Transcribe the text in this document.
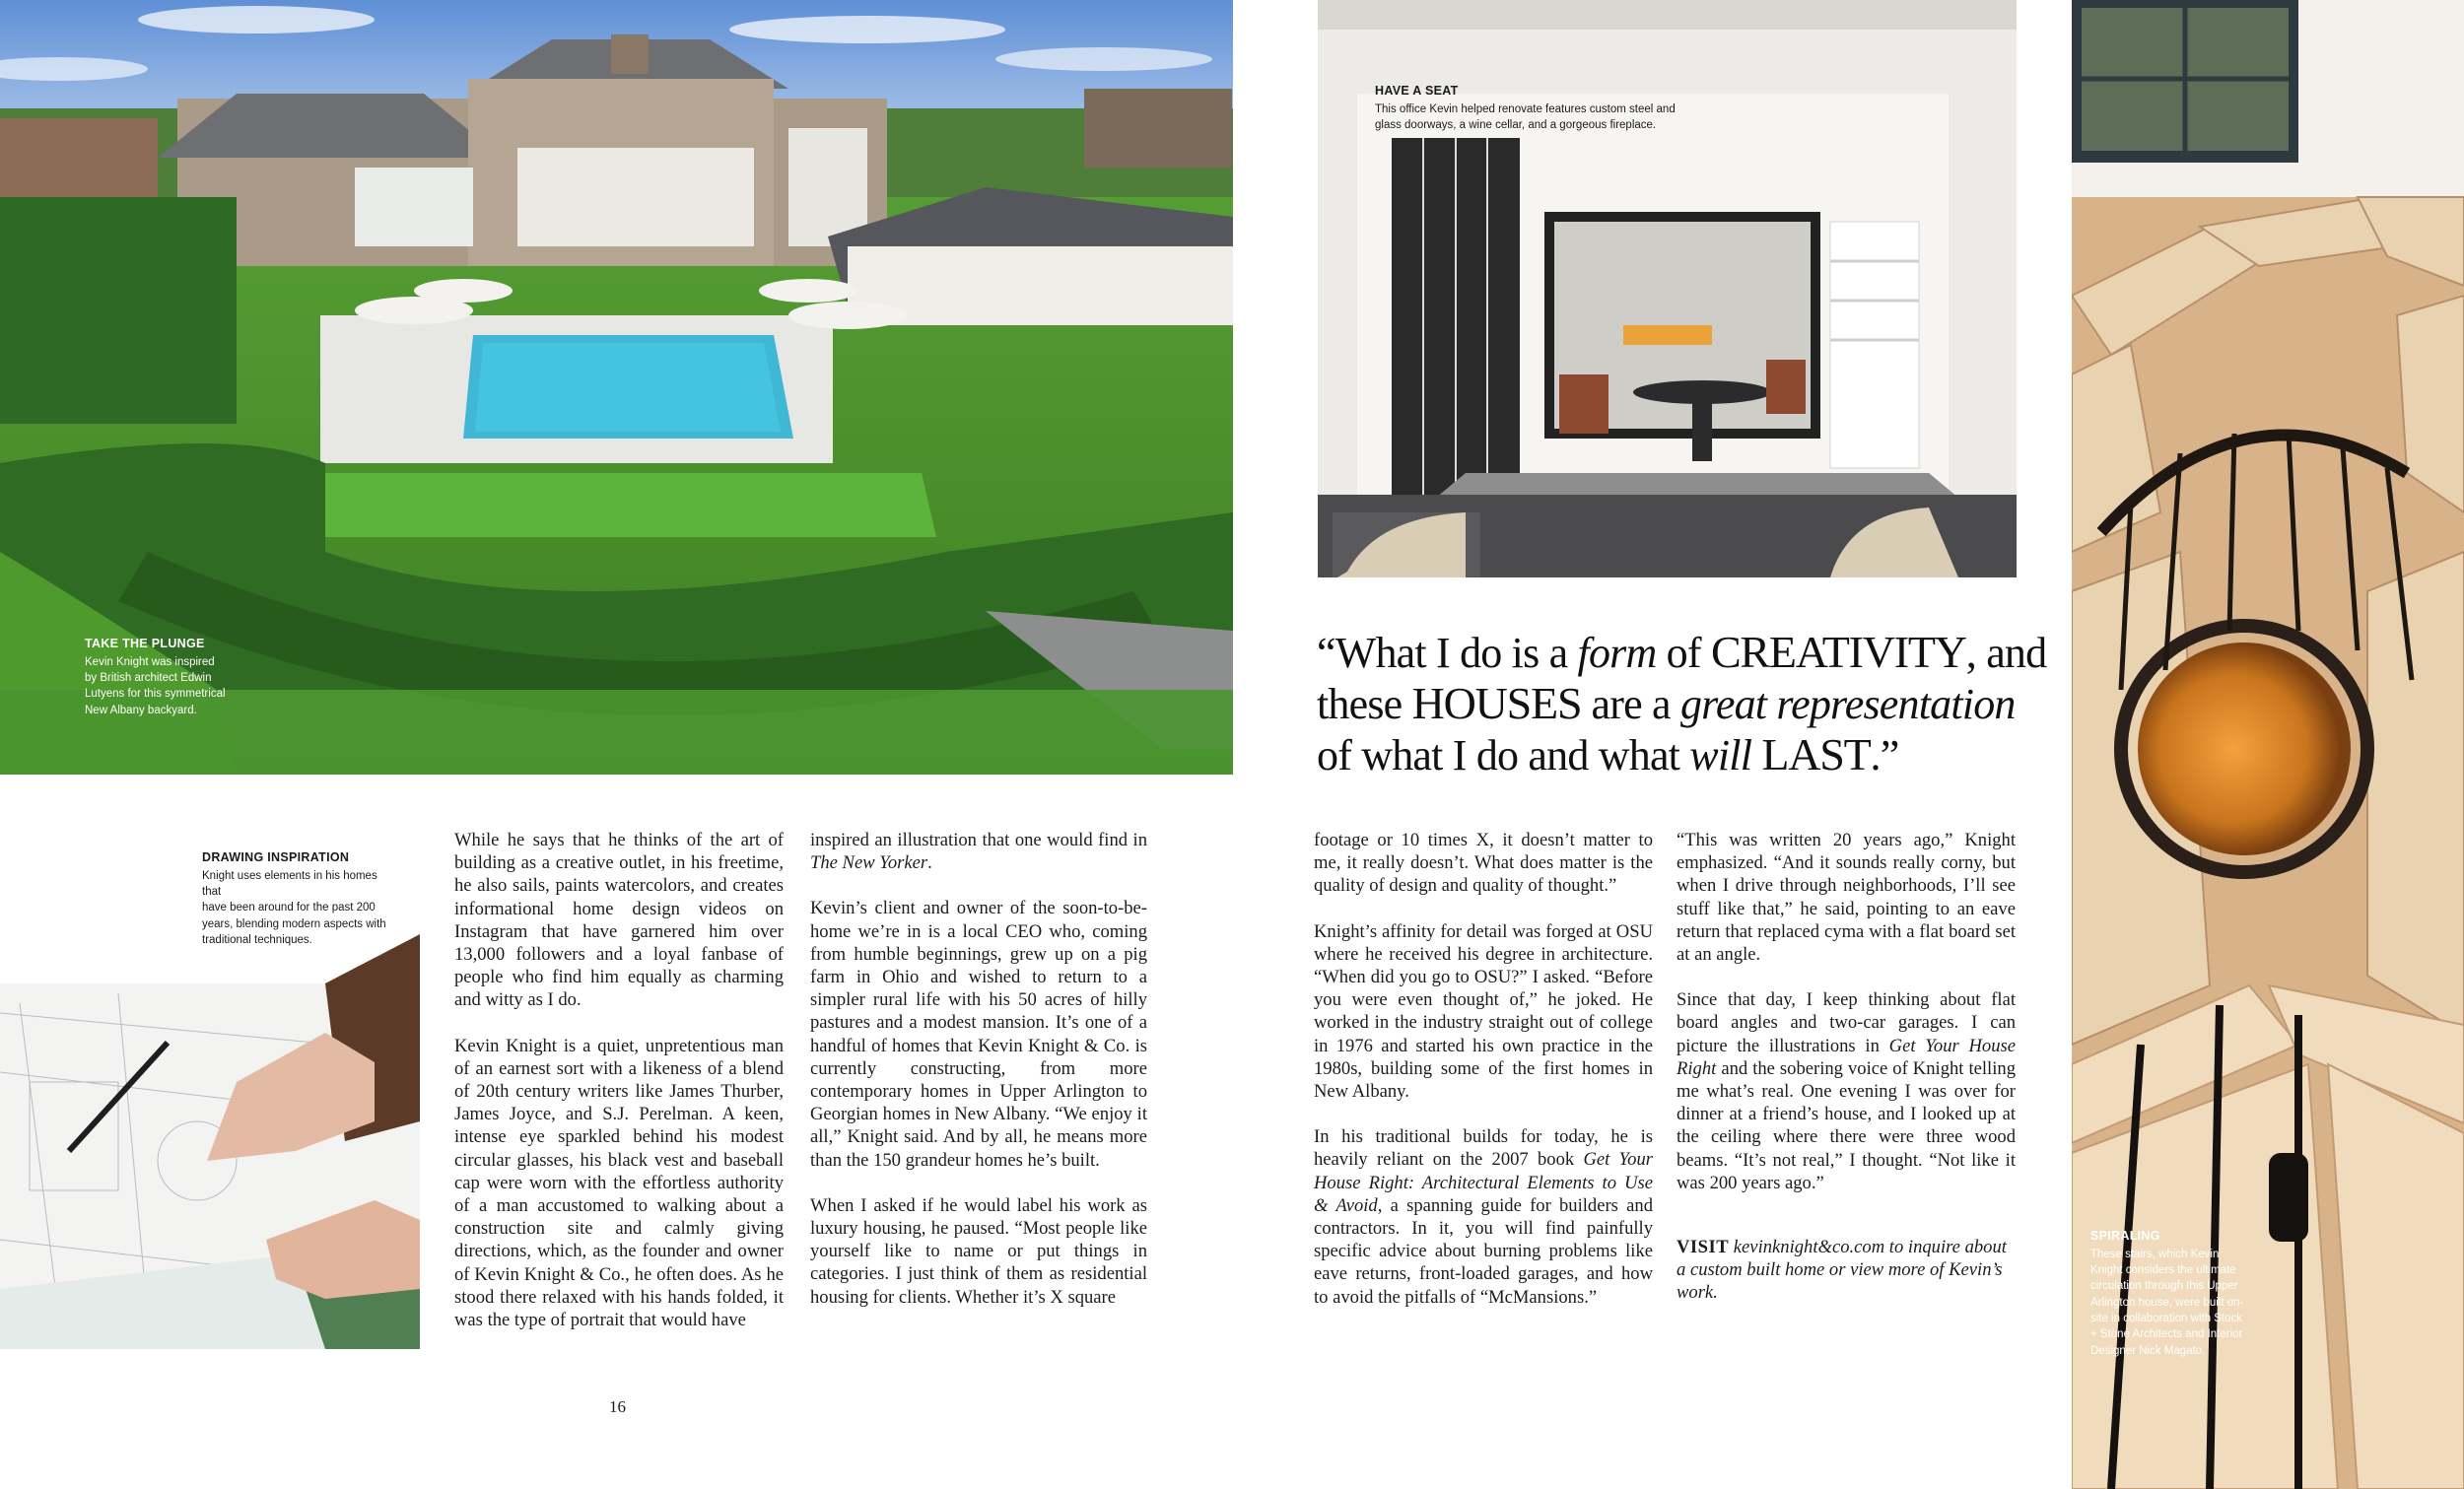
TAKE THE PLUNGE
Kevin Knight was inspired
by British architect Edwin
Lutyens for this symmetrical
New Albany backyard.
DRAWING INSPIRATION
Knight uses elements in his homes that
have been around for the past 200
years, blending modern aspects with
traditional techniques.
HAVE A SEAT
This office Kevin helped renovate features custom steel and
glass doorways, a wine cellar, and a gorgeous fireplace.
SPIRALING
These stairs, which Kevin
Knight considers the ultimate
circulation through this Upper
Arlington house, were built on-
site in collaboration with Stock
+ Stone Architects and Interior
Designer Nick Magato.
“What I do is a form of CREATIVITY, and
these HOUSES are a great representation
of what I do and what will LAST.”

While he says that he thinks of the art of building as a creative outlet, in his freetime, he also sails, paints watercolors, and creates informational home design videos on Instagram that have garnered him over 13,000 followers and a loyal fanbase of people who find him equally as charming and witty as I do.

Kevin Knight is a quiet, unpretentious man of an earnest sort with a likeness of a blend of 20th century writers like James Thurber, James Joyce, and S.J. Perelman. A keen, intense eye sparkled behind his modest circular glasses, his black vest and baseball cap were worn with the effortless authority of a man accustomed to walking about a construction site and calmly giving directions, which, as the founder and owner of Kevin Knight & Co., he often does. As he stood there relaxed with his hands folded, it was the type of portrait that would have

inspired an illustration that one would find in The New Yorker.

Kevin’s client and owner of the soon-to-be-home we’re in is a local CEO who, coming from humble beginnings, grew up on a pig farm in Ohio and wished to return to a simpler rural life with his 50 acres of hilly pastures and a modest mansion. It’s one of a handful of homes that Kevin Knight & Co. is currently constructing, from more contemporary homes in Upper Arlington to Georgian homes in New Albany. “We enjoy it all,” Knight said. And by all, he means more than the 150 grandeur homes he’s built.

When I asked if he would label his work as luxury housing, he paused. “Most people like yourself like to name or put things in categories. I just think of them as residential housing for clients. Whether it’s X square

footage or 10 times X, it doesn’t matter to me, it really doesn’t. What does matter is the quality of design and quality of thought.”

Knight’s affinity for detail was forged at OSU where he received his degree in architecture. “When did you go to OSU?” I asked. “Before you were even thought of,” he joked. He worked in the industry straight out of college in 1976 and started his own practice in the 1980s, building some of the first homes in New Albany.

In his traditional builds for today, he is heavily reliant on the 2007 book Get Your House Right: Architectural Elements to Use & Avoid, a spanning guide for builders and contractors. In it, you will find painfully specific advice about burning problems like eave returns, front-loaded garages, and how to avoid the pitfalls of “McMansions.”

“This was written 20 years ago,” Knight emphasized. “And it sounds really corny, but when I drive through neighborhoods, I’ll see stuff like that,” he said, pointing to an eave return that replaced cyma with a flat board set at an angle.

Since that day, I keep thinking about flat board angles and two-car garages. I can picture the illustrations in Get Your House Right and the sobering voice of Knight telling me what’s real. One evening I was over for dinner at a friend’s house, and I looked up at the ceiling where there were three wood beams. “It’s not real,” I thought. “Not like it was 200 years ago.”

VISIT kevinknight&co.com to inquire about a custom built home or view more of Kevin’s work.

16
